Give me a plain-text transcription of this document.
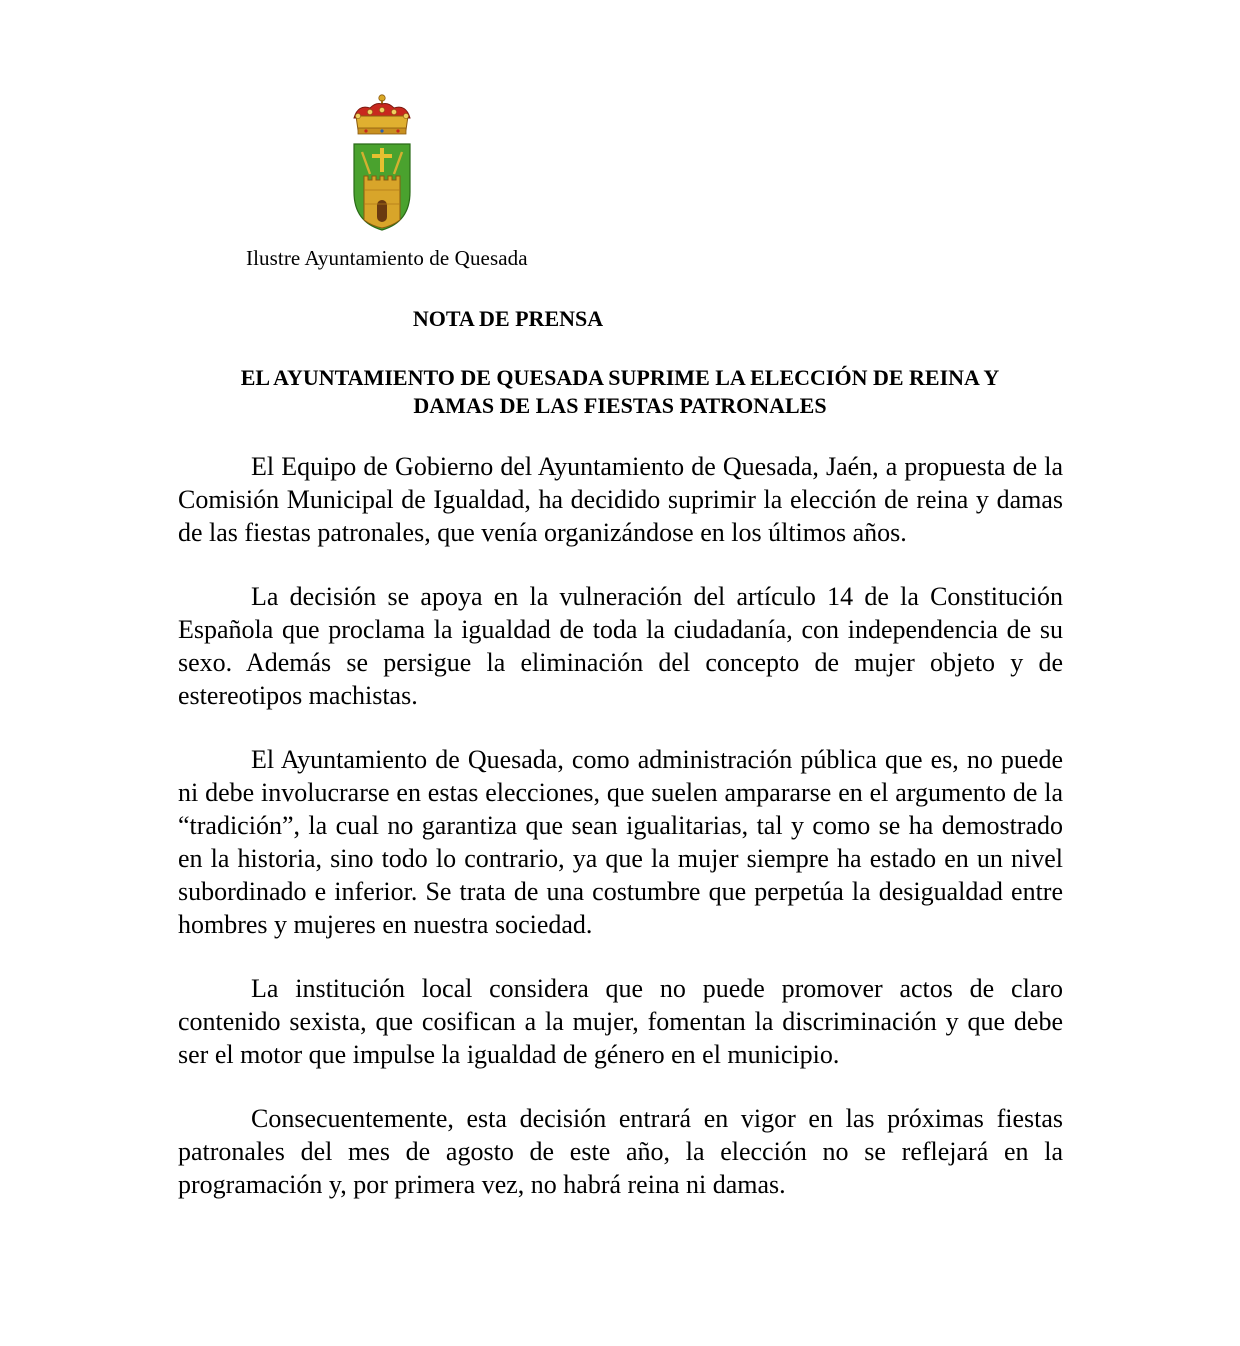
Ilustre Ayuntamiento de Quesada
NOTA DE PRENSA
EL AYUNTAMIENTO DE QUESADA SUPRIME LA ELECCIÓN DE REINA Y
DAMAS DE LAS FIESTAS PATRONALES

El Equipo de Gobierno del Ayuntamiento de Quesada, Jaén, a propuesta de la Comisión Municipal de Igualdad, ha decidido suprimir la elección de reina y damas de las fiestas patronales, que venía organizándose en los últimos años.

La decisión se apoya en la vulneración del artículo 14 de la Constitución Española que proclama la igualdad de toda la ciudadanía, con independencia de su sexo. Además se persigue la eliminación del concepto de mujer objeto y de estereotipos machistas.

El Ayuntamiento de Quesada, como administración pública que es, no puede ni debe involucrarse en estas elecciones, que suelen ampararse en el argumento de la “tradición”, la cual no garantiza que sean igualitarias, tal y como se ha demostrado en la historia, sino todo lo contrario, ya que la mujer siempre ha estado en un nivel subordinado e inferior. Se trata de una costumbre que perpetúa la desigualdad entre hombres y mujeres en nuestra sociedad.

La institución local considera que no puede promover actos de claro contenido sexista, que cosifican a la mujer, fomentan la discriminación y que debe ser el motor que impulse la igualdad de género en el municipio.

Consecuentemente, esta decisión entrará en vigor en las próximas fiestas patronales del mes de agosto de este año, la elección no se reflejará en la programación y, por primera vez, no habrá reina ni damas.
